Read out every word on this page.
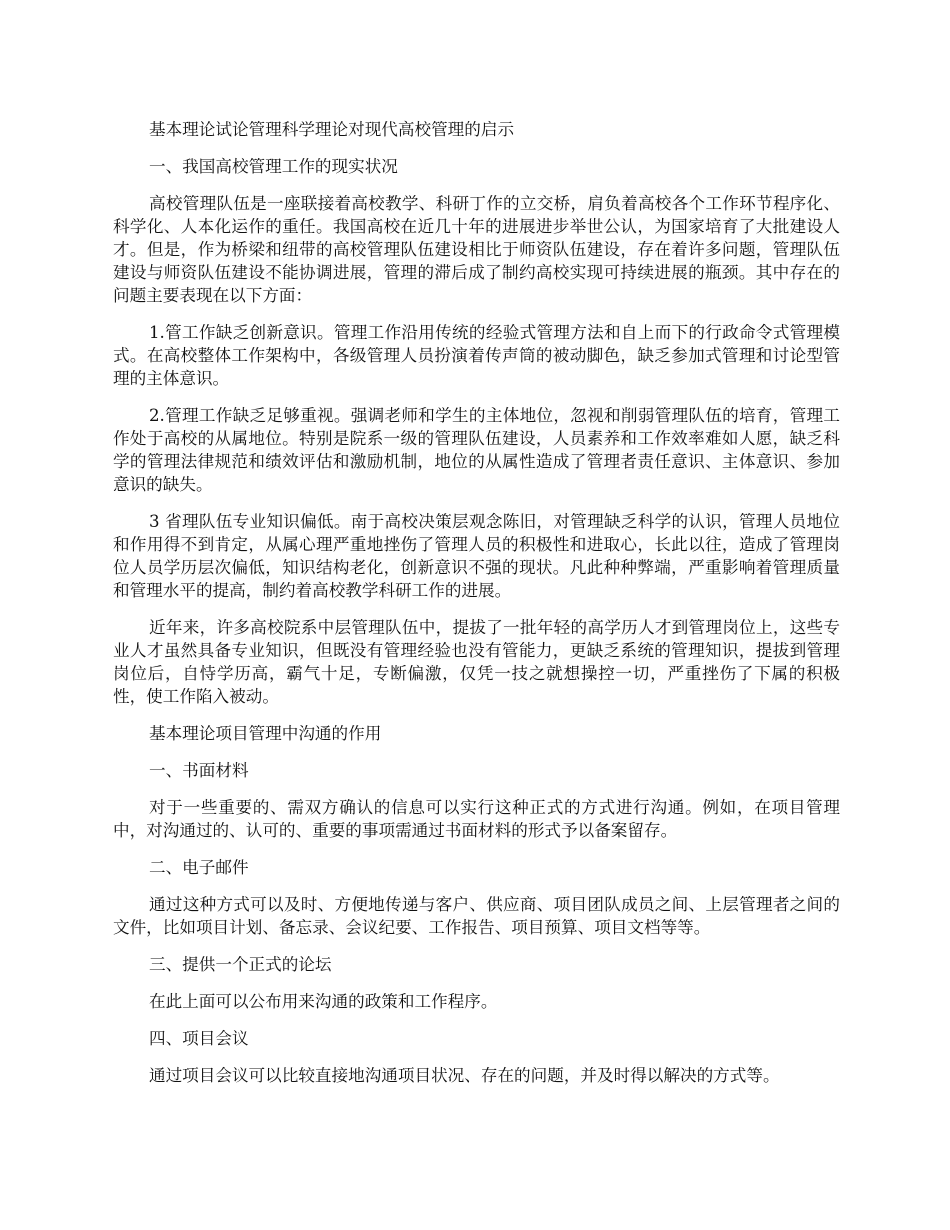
基本理论试论管理科学理论对现代高校管理的启示

一、我国高校管理工作的现实状况

高校管理队伍是一座联接着高校教学、科研丁作的立交桥，肩负着高校各个工作环节程序化、科学化、人本化运作的重任。我国高校在近几十年的进展进步举世公认，为国家培育了大批建设人才。但是，作为桥梁和纽带的高校管理队伍建设相比于师资队伍建设，存在着许多问题，管理队伍建设与师资队伍建设不能协调进展，管理的滞后成了制约高校实现可持续进展的瓶颈。其中存在的问题主要表现在以下方面：

1.管工作缺乏创新意识。管理工作沿用传统的经验式管理方法和自上而下的行政命令式管理模式。在高校整体工作架构中，各级管理人员扮演着传声筒的被动脚色，缺乏参加式管理和讨论型管理的主体意识。

2.管理工作缺乏足够重视。强调老师和学生的主体地位，忽视和削弱管理队伍的培育，管理工作处于高校的从属地位。特别是院系一级的管理队伍建设，人员素养和工作效率难如人愿，缺乏科学的管理法律规范和绩效评估和激励机制，地位的从属性造成了管理者责任意识、主体意识、参加意识的缺失。

3 省理队伍专业知识偏低。南于高校决策层观念陈旧，对管理缺乏科学的认识，管理人员地位和作用得不到肯定，从属心理严重地挫伤了管理人员的积极性和进取心，长此以往，造成了管理岗位人员学历层次偏低，知识结构老化，创新意识不强的现状。凡此种种弊端，严重影响着管理质量和管理水平的提高，制约着高校教学科研工作的进展。

近年来，许多高校院系中层管理队伍中，提拔了一批年轻的高学历人才到管理岗位上，这些专业人才虽然具备专业知识，但既没有管理经验也没有管能力，更缺乏系统的管理知识，提拔到管理岗位后，自恃学历高，霸气十足，专断偏激，仅凭一技之就想操控一切，严重挫伤了下属的积极性，使工作陷入被动。

基本理论项目管理中沟通的作用

一、书面材料

对于一些重要的、需双方确认的信息可以实行这种正式的方式进行沟通。例如，在项目管理中，对沟通过的、认可的、重要的事项需通过书面材料的形式予以备案留存。

二、电子邮件

通过这种方式可以及时、方便地传递与客户、供应商、项目团队成员之间、上层管理者之间的文件，比如项目计划、备忘录、会议纪要、工作报告、项目预算、项目文档等等。

三、提供一个正式的论坛

在此上面可以公布用来沟通的政策和工作程序。

四、项目会议

通过项目会议可以比较直接地沟通项目状况、存在的问题，并及时得以解决的方式等。
